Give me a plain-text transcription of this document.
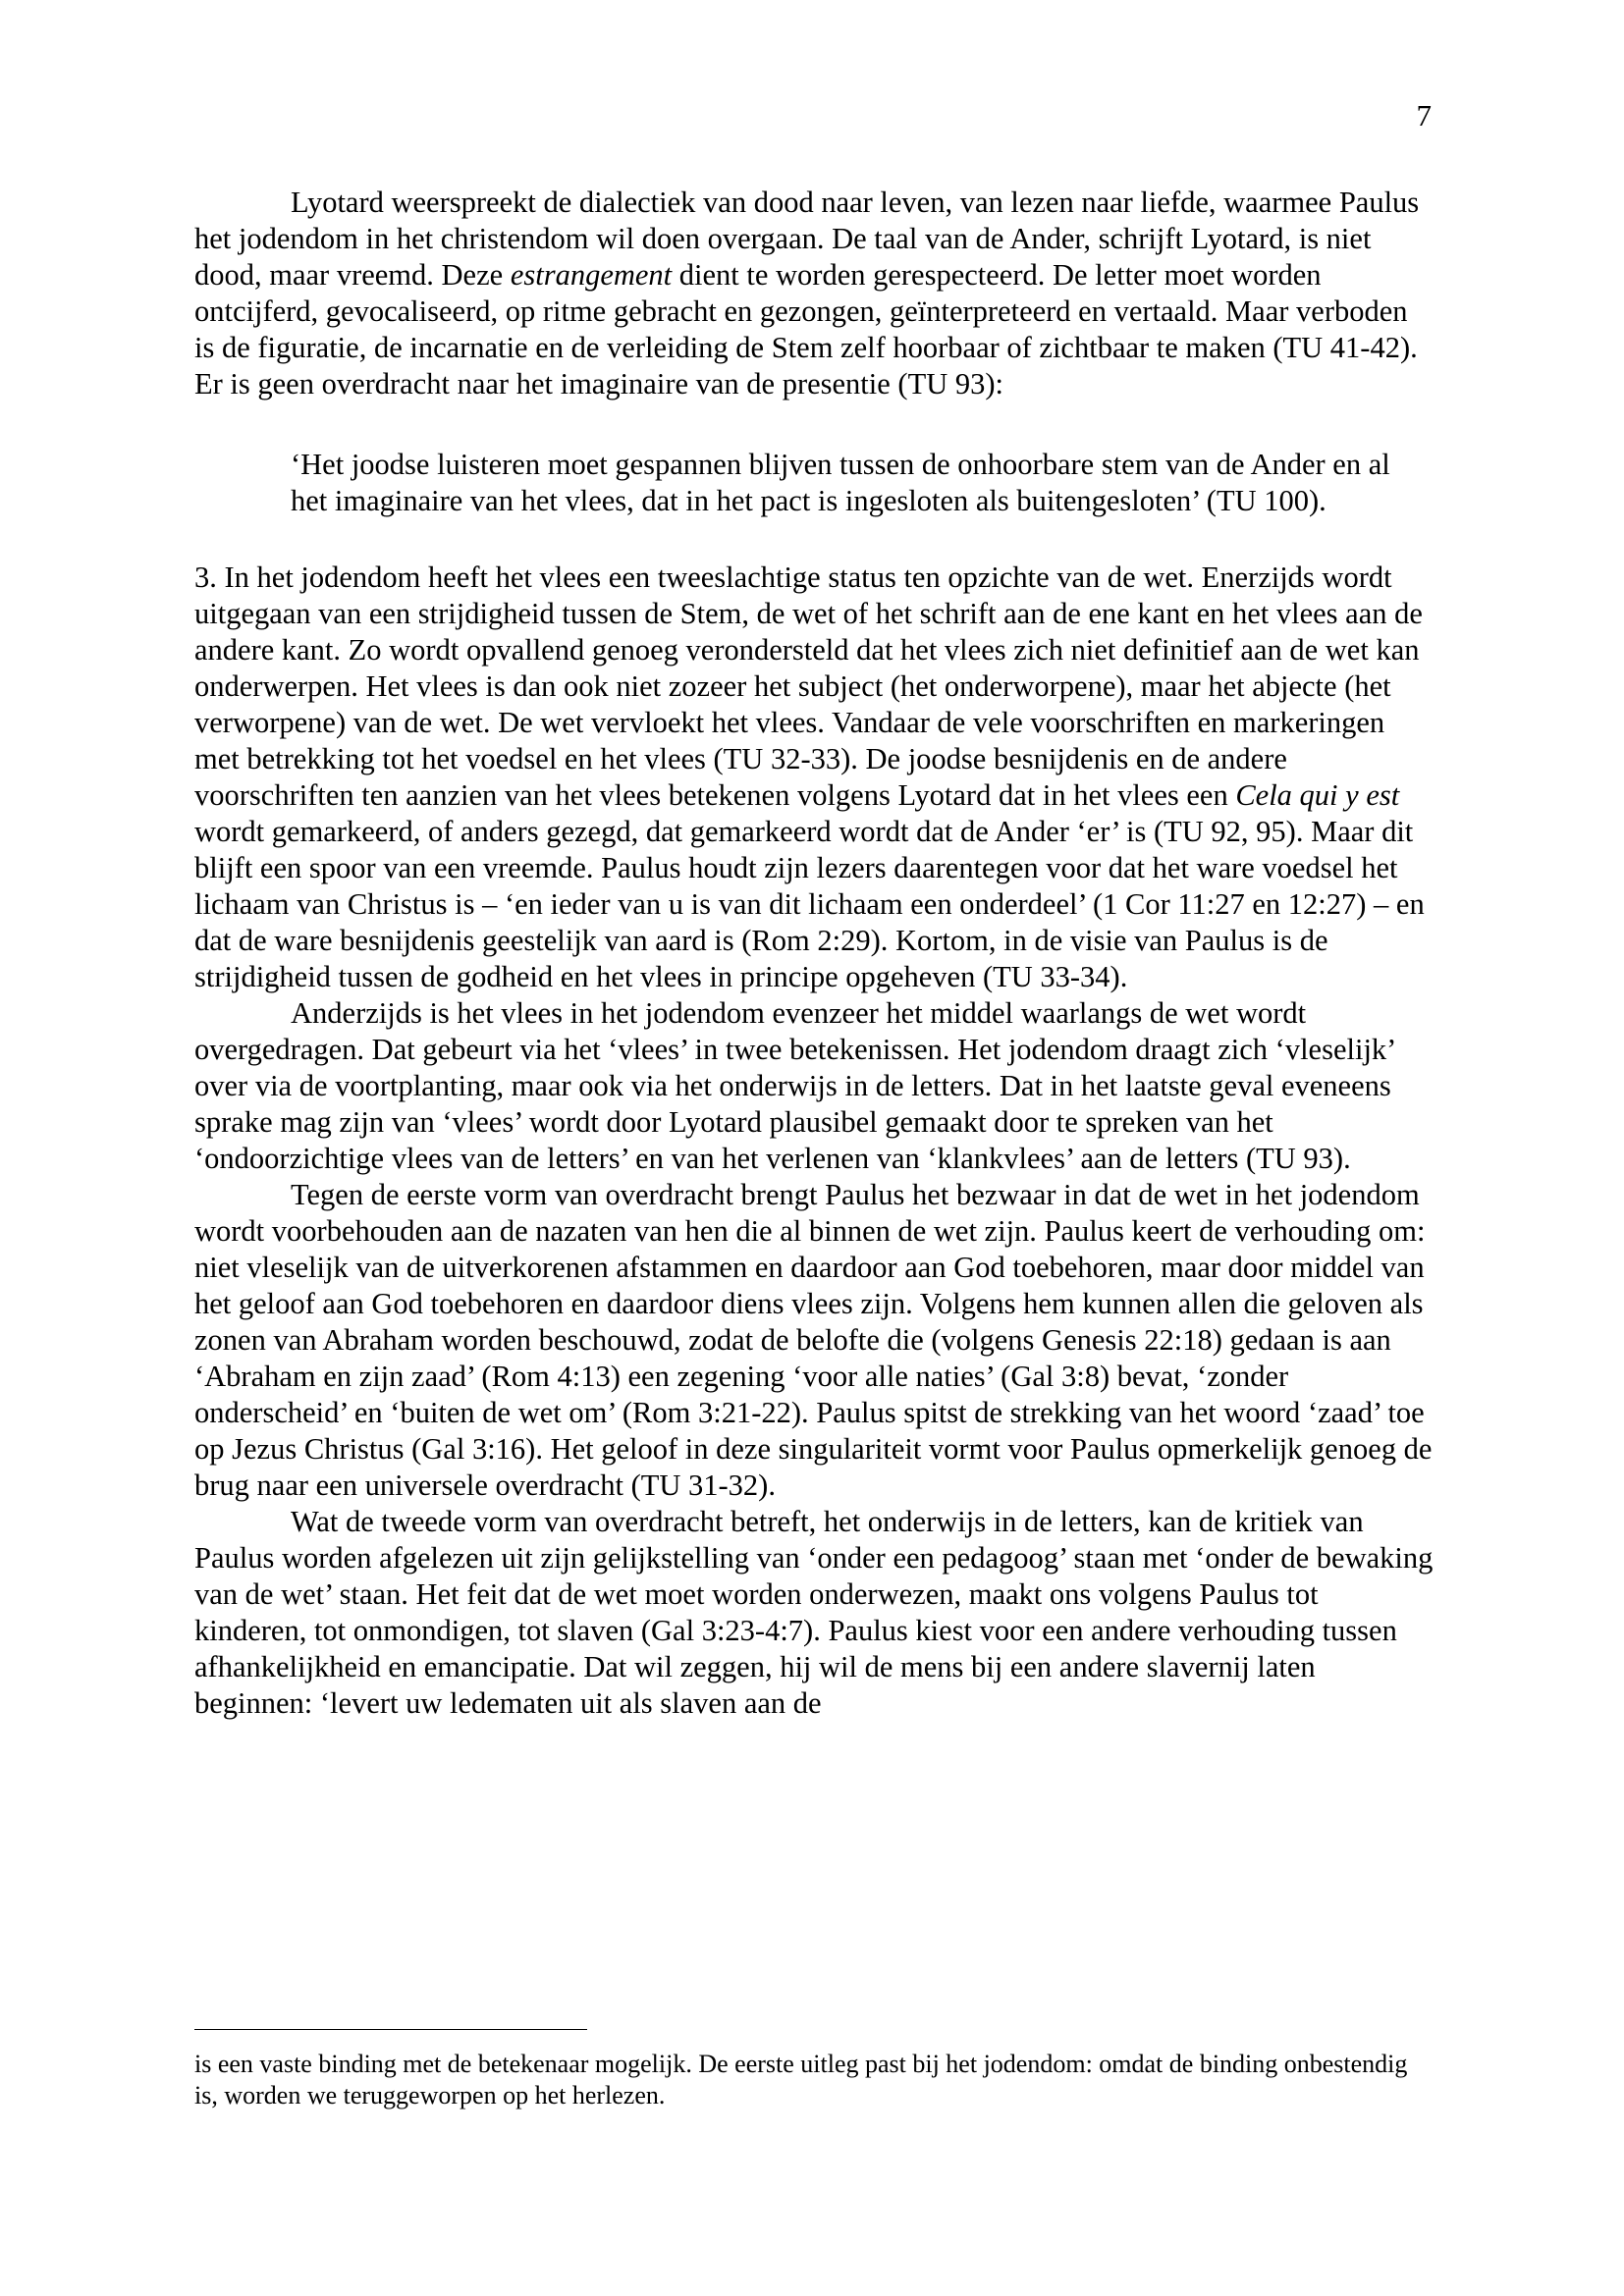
7

Lyotard weerspreekt de dialectiek van dood naar leven, van lezen naar liefde, waarmee Paulus het jodendom in het christendom wil doen overgaan. De taal van de Ander, schrijft Lyotard, is niet dood, maar vreemd. Deze estrangement dient te worden gerespecteerd. De letter moet worden ontcijferd, gevocaliseerd, op ritme gebracht en gezongen, geïnterpreteerd en vertaald. Maar verboden is de figuratie, de incarnatie en de verleiding de Stem zelf hoorbaar of zichtbaar te maken (TU 41-42). Er is geen overdracht naar het imaginaire van de presentie (TU 93):

‘Het joodse luisteren moet gespannen blijven tussen de onhoorbare stem van de Ander en al het imaginaire van het vlees, dat in het pact is ingesloten als buitengesloten’ (TU 100).

3. In het jodendom heeft het vlees een tweeslachtige status ten opzichte van de wet. Enerzijds wordt uitgegaan van een strijdigheid tussen de Stem, de wet of het schrift aan de ene kant en het vlees aan de andere kant. Zo wordt opvallend genoeg verondersteld dat het vlees zich niet definitief aan de wet kan onderwerpen. Het vlees is dan ook niet zozeer het subject (het onderworpene), maar het abjecte (het verworpene) van de wet. De wet vervloekt het vlees. Vandaar de vele voorschriften en markeringen met betrekking tot het voedsel en het vlees (TU 32-33). De joodse besnijdenis en de andere voorschriften ten aanzien van het vlees betekenen volgens Lyotard dat in het vlees een Cela qui y est wordt gemarkeerd, of anders gezegd, dat gemarkeerd wordt dat de Ander ‘er’ is (TU 92, 95). Maar dit blijft een spoor van een vreemde. Paulus houdt zijn lezers daarentegen voor dat het ware voedsel het lichaam van Christus is – ‘en ieder van u is van dit lichaam een onderdeel’ (1 Cor 11:27 en 12:27) – en dat de ware besnijdenis geestelijk van aard is (Rom 2:29). Kortom, in de visie van Paulus is de strijdigheid tussen de godheid en het vlees in principe opgeheven (TU 33-34).

Anderzijds is het vlees in het jodendom evenzeer het middel waarlangs de wet wordt overgedragen. Dat gebeurt via het ‘vlees’ in twee betekenissen. Het jodendom draagt zich ‘vleselijk’ over via de voortplanting, maar ook via het onderwijs in de letters. Dat in het laatste geval eveneens sprake mag zijn van ‘vlees’ wordt door Lyotard plausibel gemaakt door te spreken van het ‘ondoorzichtige vlees van de letters’ en van het verlenen van ‘klankvlees’ aan de letters (TU 93).

Tegen de eerste vorm van overdracht brengt Paulus het bezwaar in dat de wet in het jodendom wordt voorbehouden aan de nazaten van hen die al binnen de wet zijn. Paulus keert de verhouding om: niet vleselijk van de uitverkorenen afstammen en daardoor aan God toebehoren, maar door middel van het geloof aan God toebehoren en daardoor diens vlees zijn. Volgens hem kunnen allen die geloven als zonen van Abraham worden beschouwd, zodat de belofte die (volgens Genesis 22:18) gedaan is aan ‘Abraham en zijn zaad’ (Rom 4:13) een zegening ‘voor alle naties’ (Gal 3:8) bevat, ‘zonder onderscheid’ en ‘buiten de wet om’ (Rom 3:21-22). Paulus spitst de strekking van het woord ‘zaad’ toe op Jezus Christus (Gal 3:16). Het geloof in deze singulariteit vormt voor Paulus opmerkelijk genoeg de brug naar een universele overdracht (TU 31-32).

Wat de tweede vorm van overdracht betreft, het onderwijs in de letters, kan de kritiek van Paulus worden afgelezen uit zijn gelijkstelling van ‘onder een pedagoog’ staan met ‘onder de bewaking van de wet’ staan. Het feit dat de wet moet worden onderwezen, maakt ons volgens Paulus tot kinderen, tot onmondigen, tot slaven (Gal 3:23-4:7). Paulus kiest voor een andere verhouding tussen afhankelijkheid en emancipatie. Dat wil zeggen, hij wil de mens bij een andere slavernij laten beginnen: ‘levert uw ledematen uit als slaven aan de

is een vaste binding met de betekenaar mogelijk. De eerste uitleg past bij het jodendom: omdat de binding onbestendig is, worden we teruggeworpen op het herlezen.
